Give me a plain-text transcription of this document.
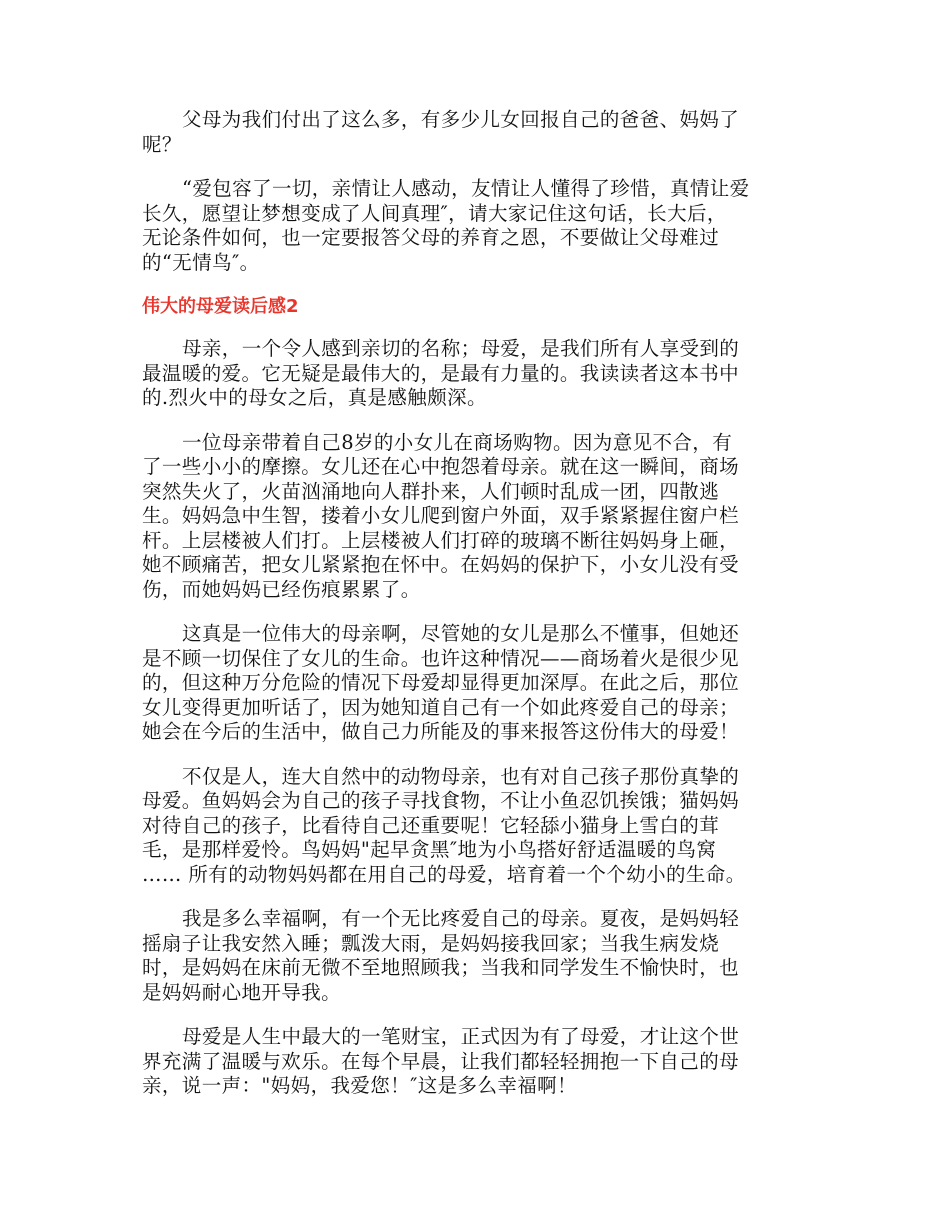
父母为我们付出了这么多，有多少儿女回报自己的爸爸、妈妈了
呢？

“爱包容了一切，亲情让人感动，友情让人懂得了珍惜，真情让爱
长久，愿望让梦想变成了人间真理″，请大家记住这句话，长大后，
无论条件如何，也一定要报答父母的养育之恩，不要做让父母难过
的“无情鸟″。

伟大的母爱读后感2

母亲，一个令人感到亲切的名称；母爱，是我们所有人享受到的
最温暖的爱。它无疑是最伟大的，是最有力量的。我读读者这本书中
的.烈火中的母女之后，真是感触颇深。

一位母亲带着自己8岁的小女儿在商场购物。因为意见不合，有
了一些小小的摩擦。女儿还在心中抱怨着母亲。就在这一瞬间，商场
突然失火了，火苗汹涌地向人群扑来，人们顿时乱成一团，四散逃
生。妈妈急中生智，搂着小女儿爬到窗户外面，双手紧紧握住窗户栏
杆。上层楼被人们打。上层楼被人们打碎的玻璃不断往妈妈身上砸，
她不顾痛苦，把女儿紧紧抱在怀中。在妈妈的保护下，小女儿没有受
伤，而她妈妈已经伤痕累累了。

这真是一位伟大的母亲啊，尽管她的女儿是那么不懂事，但她还
是不顾一切保住了女儿的生命。也许这种情况——商场着火是很少见
的，但这种万分危险的情况下母爱却显得更加深厚。在此之后，那位
女儿变得更加听话了，因为她知道自己有一个如此疼爱自己的母亲；
她会在今后的生活中，做自己力所能及的事来报答这份伟大的母爱！

不仅是人，连大自然中的动物母亲，也有对自己孩子那份真挚的
母爱。鱼妈妈会为自己的孩子寻找食物，不让小鱼忍饥挨饿；猫妈妈
对待自己的孩子，比看待自己还重要呢！它轻舔小猫身上雪白的茸
毛，是那样爱怜。鸟妈妈"起早贪黑″地为小鸟搭好舒适温暖的鸟窝
…… 所有的动物妈妈都在用自己的母爱，培育着一个个幼小的生命。

我是多么幸福啊，有一个无比疼爱自己的母亲。夏夜，是妈妈轻
摇扇子让我安然入睡；瓢泼大雨，是妈妈接我回家；当我生病发烧
时，是妈妈在床前无微不至地照顾我；当我和同学发生不愉快时，也
是妈妈耐心地开导我。

母爱是人生中最大的一笔财宝，正式因为有了母爱，才让这个世
界充满了温暖与欢乐。在每个早晨，让我们都轻轻拥抱一下自己的母
亲，说一声："妈妈，我爱您！″这是多么幸福啊！
